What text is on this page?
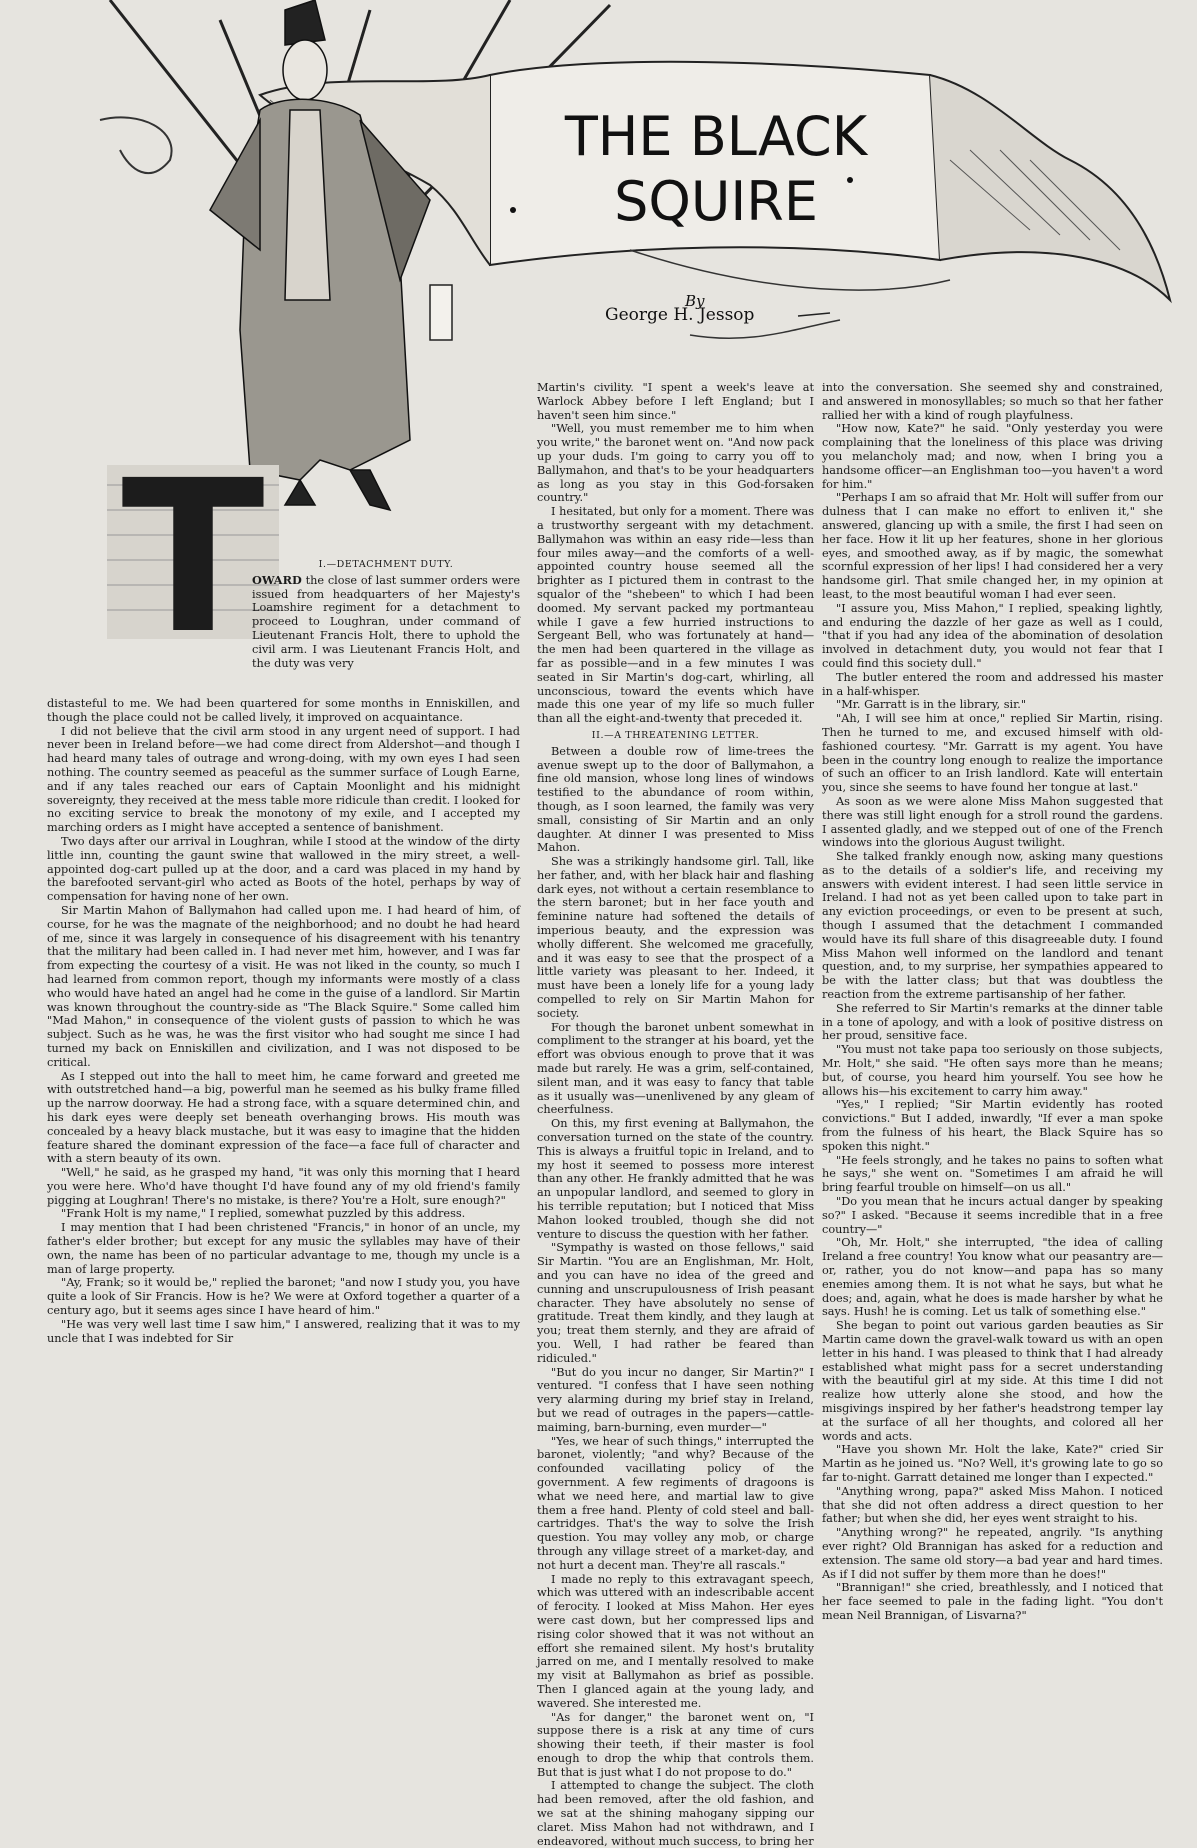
THE BLACK
SQUIRE
By
George H. Jessop
T	I.—DETACHMENT DUTY.

OWARD the close of last summer orders were issued from headquarters of her Majesty's Loamshire regiment for a detachment to proceed to Loughran, under command of Lieutenant Francis Holt, there to uphold the civil arm. I was Lieutenant Francis Holt, and the duty was very

distasteful to me. We had been quartered for some months in Enniskillen, and though the place could not be called lively, it improved on acquaintance.

I did not believe that the civil arm stood in any urgent need of support. I had never been in Ireland before—we had come direct from Aldershot—and though I had heard many tales of outrage and wrong-doing, with my own eyes I had seen nothing. The country seemed as peaceful as the summer surface of Lough Earne, and if any tales reached our ears of Captain Moonlight and his midnight sovereignty, they received at the mess table more ridicule than credit. I looked for no exciting service to break the monotony of my exile, and I accepted my marching orders as I might have accepted a sentence of banishment.

Two days after our arrival in Loughran, while I stood at the window of the dirty little inn, counting the gaunt swine that wallowed in the miry street, a well-appointed dog-cart pulled up at the door, and a card was placed in my hand by the barefooted servant-girl who acted as Boots of the hotel, perhaps by way of compensation for having none of her own.

Sir Martin Mahon of Ballymahon had called upon me. I had heard of him, of course, for he was the magnate of the neighborhood; and no doubt he had heard of me, since it was largely in consequence of his disagreement with his tenantry that the military had been called in. I had never met him, however, and I was far from expecting the courtesy of a visit. He was not liked in the county, so much I had learned from common report, though my informants were mostly of a class who would have hated an angel had he come in the guise of a landlord. Sir Martin was known throughout the country-side as "The Black Squire." Some called him "Mad Mahon," in consequence of the violent gusts of passion to which he was subject. Such as he was, he was the first visitor who had sought me since I had turned my back on Enniskillen and civilization, and I was not disposed to be critical.

As I stepped out into the hall to meet him, he came forward and greeted me with outstretched hand—a big, powerful man he seemed as his bulky frame filled up the narrow doorway. He had a strong face, with a square determined chin, and his dark eyes were deeply set beneath overhanging brows. His mouth was concealed by a heavy black mustache, but it was easy to imagine that the hidden feature shared the dominant expression of the face—a face full of character and with a stern beauty of its own.

"Well," he said, as he grasped my hand, "it was only this morning that I heard you were here. Who'd have thought I'd have found any of my old friend's family pigging at Loughran! There's no mistake, is there? You're a Holt, sure enough?"

"Frank Holt is my name," I replied, somewhat puzzled by this address.

I may mention that I had been christened "Francis," in honor of an uncle, my father's elder brother; but except for any music the syllables may have of their own, the name has been of no particular advantage to me, though my uncle is a man of large property.

"Ay, Frank; so it would be," replied the baronet; "and now I study you, you have quite a look of Sir Francis. How is he? We were at Oxford together a quarter of a century ago, but it seems ages since I have heard of him."

"He was very well last time I saw him," I answered, realizing that it was to my uncle that I was indebted for Sir

Martin's civility. "I spent a week's leave at Warlock Abbey before I left England; but I haven't seen him since."

"Well, you must remember me to him when you write," the baronet went on. "And now pack up your duds. I'm going to carry you off to Ballymahon, and that's to be your headquarters as long as you stay in this God-forsaken country."

I hesitated, but only for a moment. There was a trustworthy sergeant with my detachment. Ballymahon was within an easy ride—less than four miles away—and the comforts of a well-appointed country house seemed all the brighter as I pictured them in contrast to the squalor of the "shebeen" to which I had been doomed. My servant packed my portmanteau while I gave a few hurried instructions to Sergeant Bell, who was fortunately at hand—the men had been quartered in the village as far as possible—and in a few minutes I was seated in Sir Martin's dog-cart, whirling, all unconscious, toward the events which have made this one year of my life so much fuller than all the eight-and-twenty that preceded it.

II.—A THREATENING LETTER.

Between a double row of lime-trees the avenue swept up to the door of Ballymahon, a fine old mansion, whose long lines of windows testified to the abundance of room within, though, as I soon learned, the family was very small, consisting of Sir Martin and an only daughter. At dinner I was presented to Miss Mahon.

She was a strikingly handsome girl. Tall, like her father, and, with her black hair and flashing dark eyes, not without a certain resemblance to the stern baronet; but in her face youth and feminine nature had softened the details of imperious beauty, and the expression was wholly different. She welcomed me gracefully, and it was easy to see that the prospect of a little variety was pleasant to her. Indeed, it must have been a lonely life for a young lady compelled to rely on Sir Martin Mahon for society.

For though the baronet unbent somewhat in compliment to the stranger at his board, yet the effort was obvious enough to prove that it was made but rarely. He was a grim, self-contained, silent man, and it was easy to fancy that table as it usually was—unenlivened by any gleam of cheerfulness.

On this, my first evening at Ballymahon, the conversation turned on the state of the country. This is always a fruitful topic in Ireland, and to my host it seemed to possess more interest than any other. He frankly admitted that he was an unpopular landlord, and seemed to glory in his terrible reputation; but I noticed that Miss Mahon looked troubled, though she did not venture to discuss the question with her father.

"Sympathy is wasted on those fellows," said Sir Martin. "You are an Englishman, Mr. Holt, and you can have no idea of the greed and cunning and unscrupulousness of Irish peasant character. They have absolutely no sense of gratitude. Treat them kindly, and they laugh at you; treat them sternly, and they are afraid of you. Well, I had rather be feared than ridiculed."

"But do you incur no danger, Sir Martin?" I ventured. "I confess that I have seen nothing very alarming during my brief stay in Ireland, but we read of outrages in the papers—cattle-maiming, barn-burning, even murder—"

"Yes, we hear of such things," interrupted the baronet, violently; "and why? Because of the confounded vacillating policy of the government. A few regiments of dragoons is what we need here, and martial law to give them a free hand. Plenty of cold steel and ball-cartridges. That's the way to solve the Irish question. You may volley any mob, or charge through any village street of a market-day, and not hurt a decent man. They're all rascals."

I made no reply to this extravagant speech, which was uttered with an indescribable accent of ferocity. I looked at Miss Mahon. Her eyes were cast down, but her compressed lips and rising color showed that it was not without an effort she remained silent. My host's brutality jarred on me, and I mentally resolved to make my visit at Ballymahon as brief as possible. Then I glanced again at the young lady, and wavered. She interested me.

"As for danger," the baronet went on, "I suppose there is a risk at any time of curs showing their teeth, if their master is fool enough to drop the whip that controls them. But that is just what I do not propose to do."

I attempted to change the subject. The cloth had been removed, after the old fashion, and we sat at the shining mahogany sipping our claret. Miss Mahon had not withdrawn, and I endeavored, without much success, to bring her

into the conversation. She seemed shy and constrained, and answered in monosyllables; so much so that her father rallied her with a kind of rough playfulness.

"How now, Kate?" he said. "Only yesterday you were complaining that the loneliness of this place was driving you melancholy mad; and now, when I bring you a handsome officer—an Englishman too—you haven't a word for him."

"Perhaps I am so afraid that Mr. Holt will suffer from our dulness that I can make no effort to enliven it," she answered, glancing up with a smile, the first I had seen on her face. How it lit up her features, shone in her glorious eyes, and smoothed away, as if by magic, the somewhat scornful expression of her lips! I had considered her a very handsome girl. That smile changed her, in my opinion at least, to the most beautiful woman I had ever seen.

"I assure you, Miss Mahon," I replied, speaking lightly, and enduring the dazzle of her gaze as well as I could, "that if you had any idea of the abomination of desolation involved in detachment duty, you would not fear that I could find this society dull."

The butler entered the room and addressed his master in a half-whisper.

"Mr. Garratt is in the library, sir."

"Ah, I will see him at once," replied Sir Martin, rising. Then he turned to me, and excused himself with old-fashioned courtesy. "Mr. Garratt is my agent. You have been in the country long enough to realize the importance of such an officer to an Irish landlord. Kate will entertain you, since she seems to have found her tongue at last."

As soon as we were alone Miss Mahon suggested that there was still light enough for a stroll round the gardens. I assented gladly, and we stepped out of one of the French windows into the glorious August twilight.

She talked frankly enough now, asking many questions as to the details of a soldier's life, and receiving my answers with evident interest. I had seen little service in Ireland. I had not as yet been called upon to take part in any eviction proceedings, or even to be present at such, though I assumed that the detachment I commanded would have its full share of this disagreeable duty. I found Miss Mahon well informed on the landlord and tenant question, and, to my surprise, her sympathies appeared to be with the latter class; but that was doubtless the reaction from the extreme partisanship of her father.

She referred to Sir Martin's remarks at the dinner table in a tone of apology, and with a look of positive distress on her proud, sensitive face.

"You must not take papa too seriously on those subjects, Mr. Holt," she said. "He often says more than he means; but, of course, you heard him yourself. You see how he allows his—his excitement to carry him away."

"Yes," I replied; "Sir Martin evidently has rooted convictions." But I added, inwardly, "If ever a man spoke from the fulness of his heart, the Black Squire has so spoken this night."

"He feels strongly, and he takes no pains to soften what he says," she went on. "Sometimes I am afraid he will bring fearful trouble on himself—on us all."

"Do you mean that he incurs actual danger by speaking so?" I asked. "Because it seems incredible that in a free country—"

"Oh, Mr. Holt," she interrupted, "the idea of calling Ireland a free country! You know what our peasantry are—or, rather, you do not know—and papa has so many enemies among them. It is not what he says, but what he does; and, again, what he does is made harsher by what he says. Hush! he is coming. Let us talk of something else."

She began to point out various garden beauties as Sir Martin came down the gravel-walk toward us with an open letter in his hand. I was pleased to think that I had already established what might pass for a secret understanding with the beautiful girl at my side. At this time I did not realize how utterly alone she stood, and how the misgivings inspired by her father's headstrong temper lay at the surface of all her thoughts, and colored all her words and acts.

"Have you shown Mr. Holt the lake, Kate?" cried Sir Martin as he joined us. "No? Well, it's growing late to go so far to-night. Garratt detained me longer than I expected."

"Anything wrong, papa?" asked Miss Mahon. I noticed that she did not often address a direct question to her father; but when she did, her eyes went straight to his.

"Anything wrong?" he repeated, angrily. "Is anything ever right? Old Brannigan has asked for a reduction and extension. The same old story—a bad year and hard times. As if I did not suffer by them more than he does!"

"Brannigan!" she cried, breathlessly, and I noticed that her face seemed to pale in the fading light. "You don't mean Neil Brannigan, of Lisvarna?"
